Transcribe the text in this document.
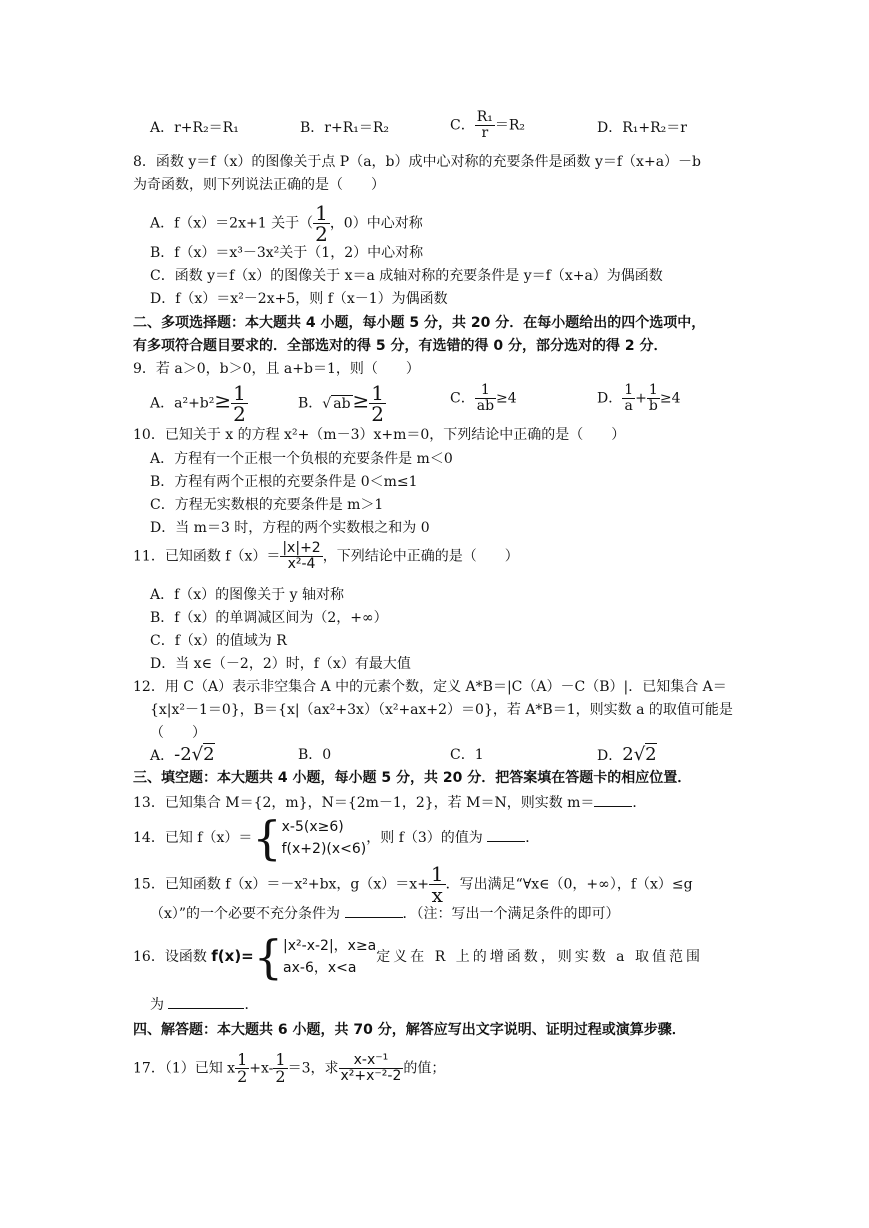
A．r+R₂＝R₁	B．r+R₁＝R₂	C． $\frac{\text{R₁}}{r} =R_2$	D．R₁+R₂＝r
8．函数 y＝f（x）的图像关于点 P（a，b）成中心对称的充要条件是函数 y＝f（x+a）－b
为奇函数，则下列说法正确的是（　　）
A．f（x）＝2x+1 关于（ $\frac{1}{2}$ ，0）中心对称
B．f（x）＝x³－3x²关于（1，2）中心对称
C．函数 y＝f（x）的图像关于 x＝a 成轴对称的充要条件是 y＝f（x+a）为偶函数
D．f（x）＝x²－2x+5，则 f（x－1）为偶函数
二、多项选择题：本大题共 4 小题，每小题 5 分，共 20 分．在每小题给出的四个选项中，
有多项符合题目要求的．全部选对的得 5 分，有选错的得 0 分，部分选对的得 2 分．
9．若 a＞0，b＞0，且 a+b＝1，则（　　）
A．$a^2+b^2\ge \frac{1}{2}$	B．√ ab ≥ $\frac{1}{2}$	C． $\frac{1}{ab} \ge 4$	D． $\frac{1}{a} + \frac{1}{b} \ge 4$
10．已知关于 x 的方程 x²+（m－3）x+m＝0，下列结论中正确的是（　　）
A．方程有一个正根一个负根的充要条件是 m＜0
B．方程有两个正根的充要条件是 0＜m≤1
C．方程无实数根的充要条件是 m＞1
D．当 m＝3 时，方程的两个实数根之和为 0
11．已知函数 $f(x)= \frac{|x|+2}{\text{x²-4}}$ ，下列结论中正确的是（　　）
A．f（x）的图像关于 y 轴对称
B．f（x）的单调减区间为（2，+∞）
C．f（x）的值域为 R
D．当 x∈（－2，2）时，f（x）有最大值
12．用 C（A）表示非空集合 A 中的元素个数，定义 A*B＝|C（A）－C（B）|．已知集合 A＝
{x|x²－1＝0}，B＝{x|（ax²+3x）（x²+ax+2）＝0}，若 A*B＝1，则实数 a 的取值可能是
（　　）
A．-2√2	B．0	C．1	D．2√2
三、填空题：本大题共 4 小题，每小题 5 分，共 20 分．把答案填在答题卡的相应位置．
13．已知集合 M＝{2，m}，N＝{2m－1，2}，若 M＝N，则实数 m＝	．
14．已知 f（x）＝{ x-5(x≥6)
f(x+2)(x<6)
，则 f（3）的值为	．
15．已知函数 f（x）＝－x²+bx，$g(x)=x+ \frac{1}{x}$ ．写出满足“∀x∈（0，+∞），f（x）≤g
（x）”的一个必要不充分条件为	．（注：写出一个满足条件的即可）
16．设函数 f(x)={ |x²-x-2|，x≥a
ax-6，x<a
定义在 R 上的增函数，则实数 a 取值范围
为	．
四、解答题：本大题共 6 小题，共 70 分，解答应写出文字说明、证明过程或演算步骤．
17．（1）已知 x $\frac{1}{2} +x- \frac{1}{2} =3$，求 $\frac{\text{x-x⁻¹}}{\text{x²+x⁻²-2}}$ 的值；
